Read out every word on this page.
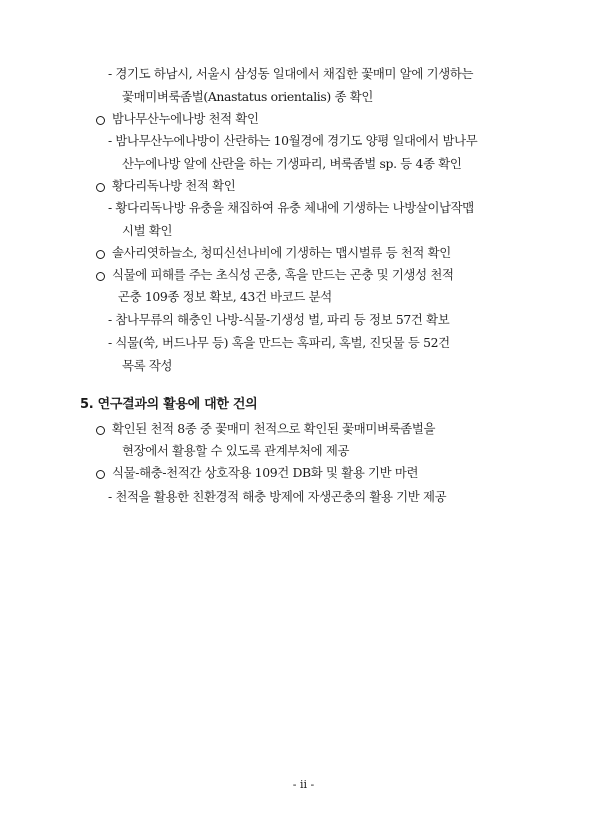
- 경기도 하남시, 서울시 삼성동 일대에서 채집한 꽃매미 알에 기생하는
꽃매미벼룩좀벌(Anastatus orientalis) 종 확인
밤나무산누에나방 천적 확인
- 밤나무산누에나방이 산란하는 10월경에 경기도 양평 일대에서 밤나무
산누에나방 알에 산란을 하는 기생파리, 벼룩좀벌 sp. 등 4종 확인
황다리독나방 천적 확인
- 황다리독나방 유충을 채집하여 유충 체내에 기생하는 나방살이납작맵
시벌 확인
솔사리엿하늘소, 청띠신선나비에 기생하는 맵시벌류 등 천적 확인
식물에 피해를 주는 초식성 곤충, 혹을 만드는 곤충 및 기생성 천적
곤충 109종 정보 확보, 43건 바코드 분석
- 참나무류의 해충인 나방-식물-기생성 벌, 파리 등 정보 57건 확보
- 식물(쑥, 버드나무 등) 혹을 만드는 혹파리, 혹벌, 진딧물 등 52건
목록 작성
5. 연구결과의 활용에 대한 건의
확인된 천적 8종 중 꽃매미 천적으로 확인된 꽃매미벼룩좀벌을
현장에서 활용할 수 있도록 관계부처에 제공
식물-해충-천적간 상호작용 109건 DB화 및 활용 기반 마련
- 천적을 활용한 친환경적 해충 방제에 자생곤충의 활용 기반 제공
- ii -
